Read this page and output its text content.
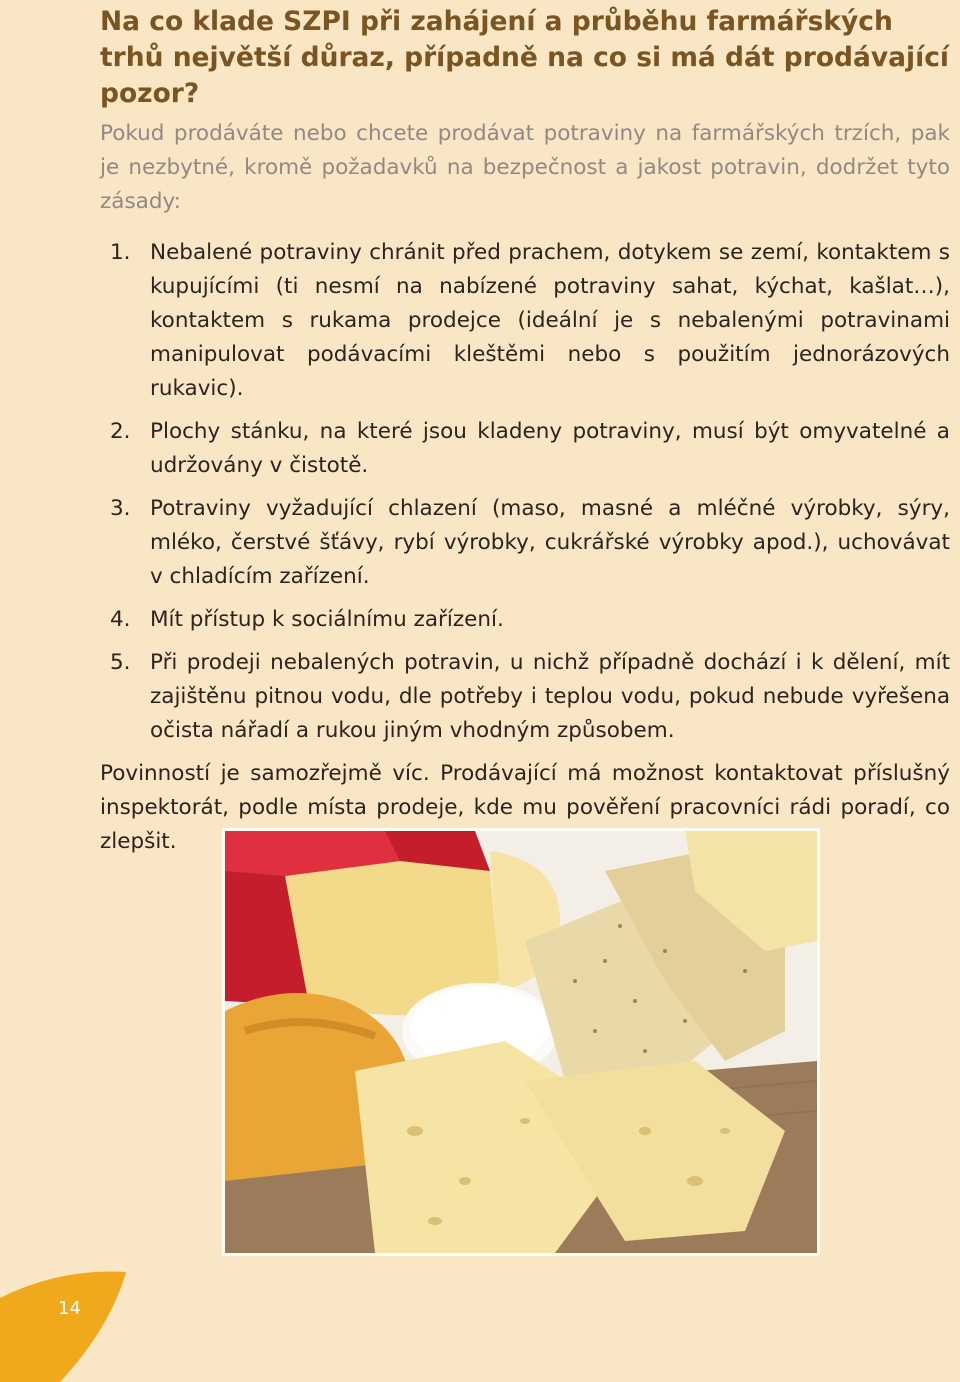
Na co klade SZPI při zahájení a průběhu farmářských trhů největší důraz, případně na co si má dát prodávající pozor?

Pokud prodáváte nebo chcete prodávat potraviny na farmářských trzích, pak je nezbytné, kromě požadavků na bezpečnost a jakost potravin, dodržet tyto zásady:

1. Nebalené potraviny chránit před prachem, dotykem se zemí, kontaktem s kupujícími (ti nesmí na nabízené potraviny sahat, kýchat, kašlat…), kontaktem s rukama prodejce (ideální je s nebalenými potravinami manipulovat podávacími kleštěmi nebo s použitím jednorázových rukavic).
2. Plochy stánku, na které jsou kladeny potraviny, musí být omyvatelné a udržovány v čistotě.
3. Potraviny vyžadující chlazení (maso, masné a mléčné výrobky, sýry, mléko, čerstvé šťávy, rybí výrobky, cukrářské výrobky apod.), uchovávat v chladícím zařízení.
4. Mít přístup k sociálnímu zařízení.
5. Při prodeji nebalených potravin, u nichž případně dochází i k dělení, mít zajištěnu pitnou vodu, dle potřeby i teplou vodu, pokud nebude vyřešena očista nářadí a rukou jiným vhodným způsobem.

Povinností je samozřejmě víc. Prodávající má možnost kontaktovat příslušný inspektorát, podle místa prodeje, kde mu pověření pracovníci rádi poradí, co zlepšit.

14
